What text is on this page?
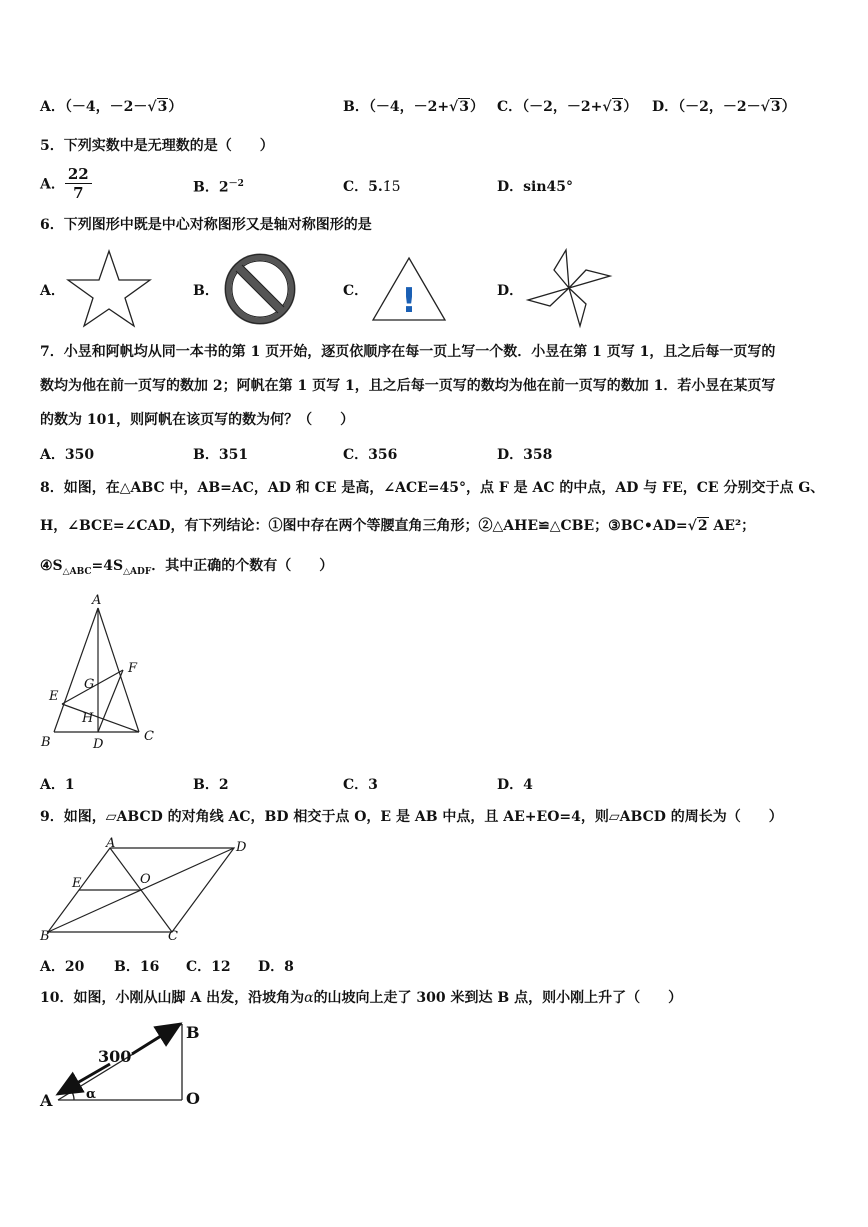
A．（－4，－2－√3）	B．（－4，－2+√3） C．（－2，－2+√3） D．（－2，－2－√3）
5．下列实数中是无理数的是（　　）
A． $\frac{22}{7}$	B．$2^{-2}$	C．5.1̇5̇	D．sin45°
6．下列图形中既是中心对称图形又是轴对称图形的是
A．	B．	C． !	D．
7．小昱和阿帆均从同一本书的第 1 页开始，逐页依顺序在每一页上写一个数．小昱在第 1 页写 1，且之后每一页写的
数均为他在前一页写的数加 2；阿帆在第 1 页写 1，且之后每一页写的数均为他在前一页写的数加 1．若小昱在某页写
的数为 101，则阿帆在该页写的数为何？（　　）
A．350	B．351	C．356	D．358
8．如图，在△ABC 中，AB=AC，AD 和 CE 是高，∠ACE=45°，点 F 是 AC 的中点，AD 与 FE，CE 分别交于点 G、
H，∠BCE=∠CAD，有下列结论：①图中存在两个等腰直角三角形；②△AHE≌△CBE；③BC•AD=√2 AE²；
$④S_{\triangle ABC}=4S_{\triangle ADF}$．其中正确的个数有（　　）
A
B	C
D
E
F
G
H
A．1	B．2	C．3	D．4
9．如图，▱ABCD 的对角线 AC，BD 相交于点 O，E 是 AB 中点，且 AE+EO=4，则▱ABCD 的周长为（　　）
A	D
B	C
E	O
A．20 B．16 C．12 D．8
10．如图，小刚从山脚 A 出发，沿坡角为α的山坡向上走了 300 米到达 B 点，则小刚上升了（　　）
A
B
O
300
α
